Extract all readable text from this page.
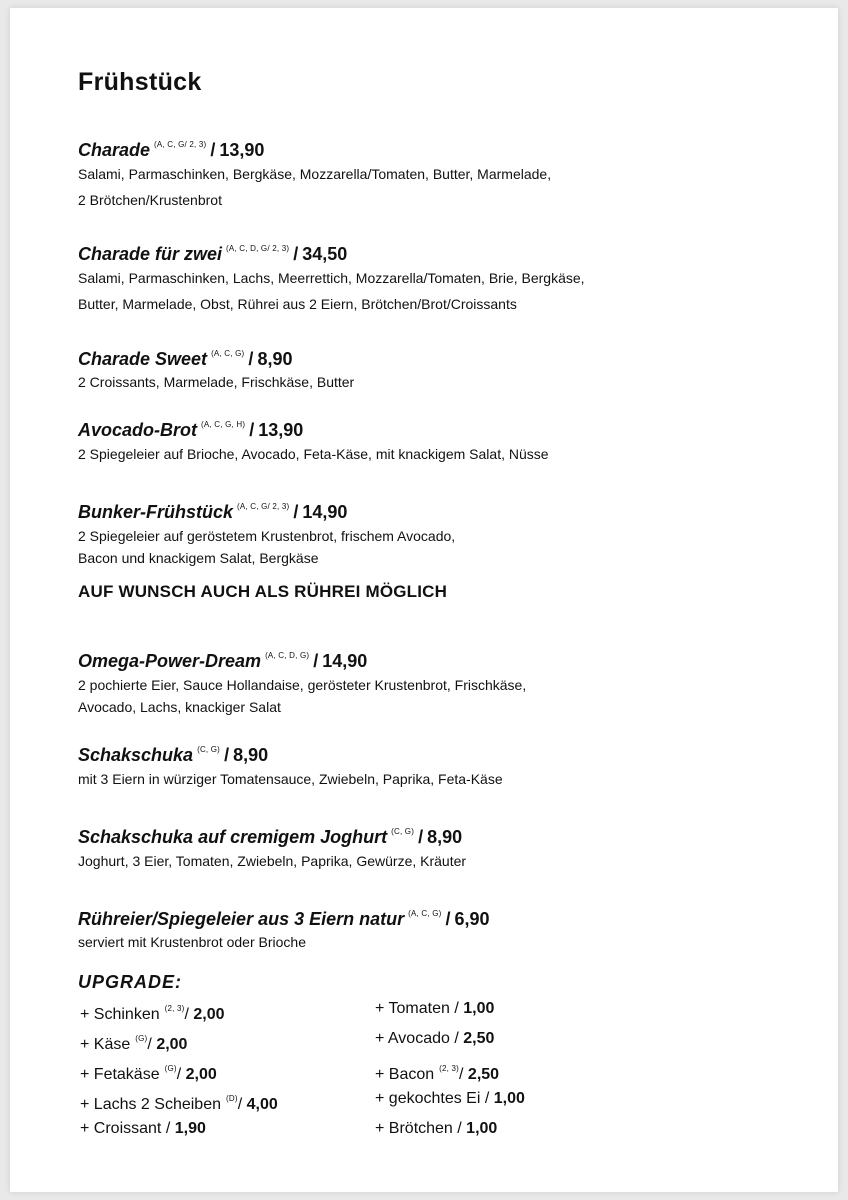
Frühstück
Charade $^{(A, C, G/ 2, 3)}$ / 13,90
Salami, Parmaschinken, Bergkäse, Mozzarella/Tomaten, Butter, Marmelade,
2 Brötchen/Krustenbrot
Charade für zwei $^{(A, C, D, G/ 2, 3)}$ / 34,50
Salami, Parmaschinken, Lachs, Meerrettich, Mozzarella/Tomaten, Brie, Bergkäse,
Butter, Marmelade, Obst, Rührei aus 2 Eiern, Brötchen/Brot/Croissants
Charade Sweet $^{(A, C, G)}$ / 8,90
2 Croissants, Marmelade, Frischkäse, Butter
Avocado-Brot $^{(A, C, G, H)}$ / 13,90
2 Spiegeleier auf Brioche, Avocado, Feta-Käse, mit knackigem Salat, Nüsse
Bunker-Frühstück $^{(A, C, G/ 2, 3)}$ / 14,90
2 Spiegeleier auf geröstetem Krustenbrot, frischem Avocado,
Bacon und knackigem Salat, Bergkäse
AUF WUNSCH AUCH ALS RÜHREI MÖGLICH
Omega-Power-Dream $^{(A, C, D, G)}$ / 14,90
2 pochierte Eier, Sauce Hollandaise, gerösteter Krustenbrot, Frischkäse,
Avocado, Lachs, knackiger Salat
Schakschuka $^{(C, G)}$ / 8,90
mit 3 Eiern in würziger Tomatensauce, Zwiebeln, Paprika, Feta-Käse
Schakschuka auf cremigem Joghurt $^{(C, G)}$ / 8,90
Joghurt, 3 Eier, Tomaten, Zwiebeln, Paprika, Gewürze, Kräuter
Rühreier/Spiegeleier aus 3 Eiern natur $^{(A, C, G)}$ / 6,90
serviert mit Krustenbrot oder Brioche
UPGRADE:
+ Schinken $^{(2, 3)}$/ 2,00
+ Käse $^{(G)}$/ 2,00
+ Fetakäse $^{(G)}$/ 2,00
+ Lachs 2 Scheiben $^{(D)}$/ 4,00
+ Croissant / 1,90
+ Tomaten / 1,00
+ Avocado / 2,50
+ Bacon $^{(2, 3)}$/ 2,50
+ gekochtes Ei / 1,00
+ Brötchen / 1,00
